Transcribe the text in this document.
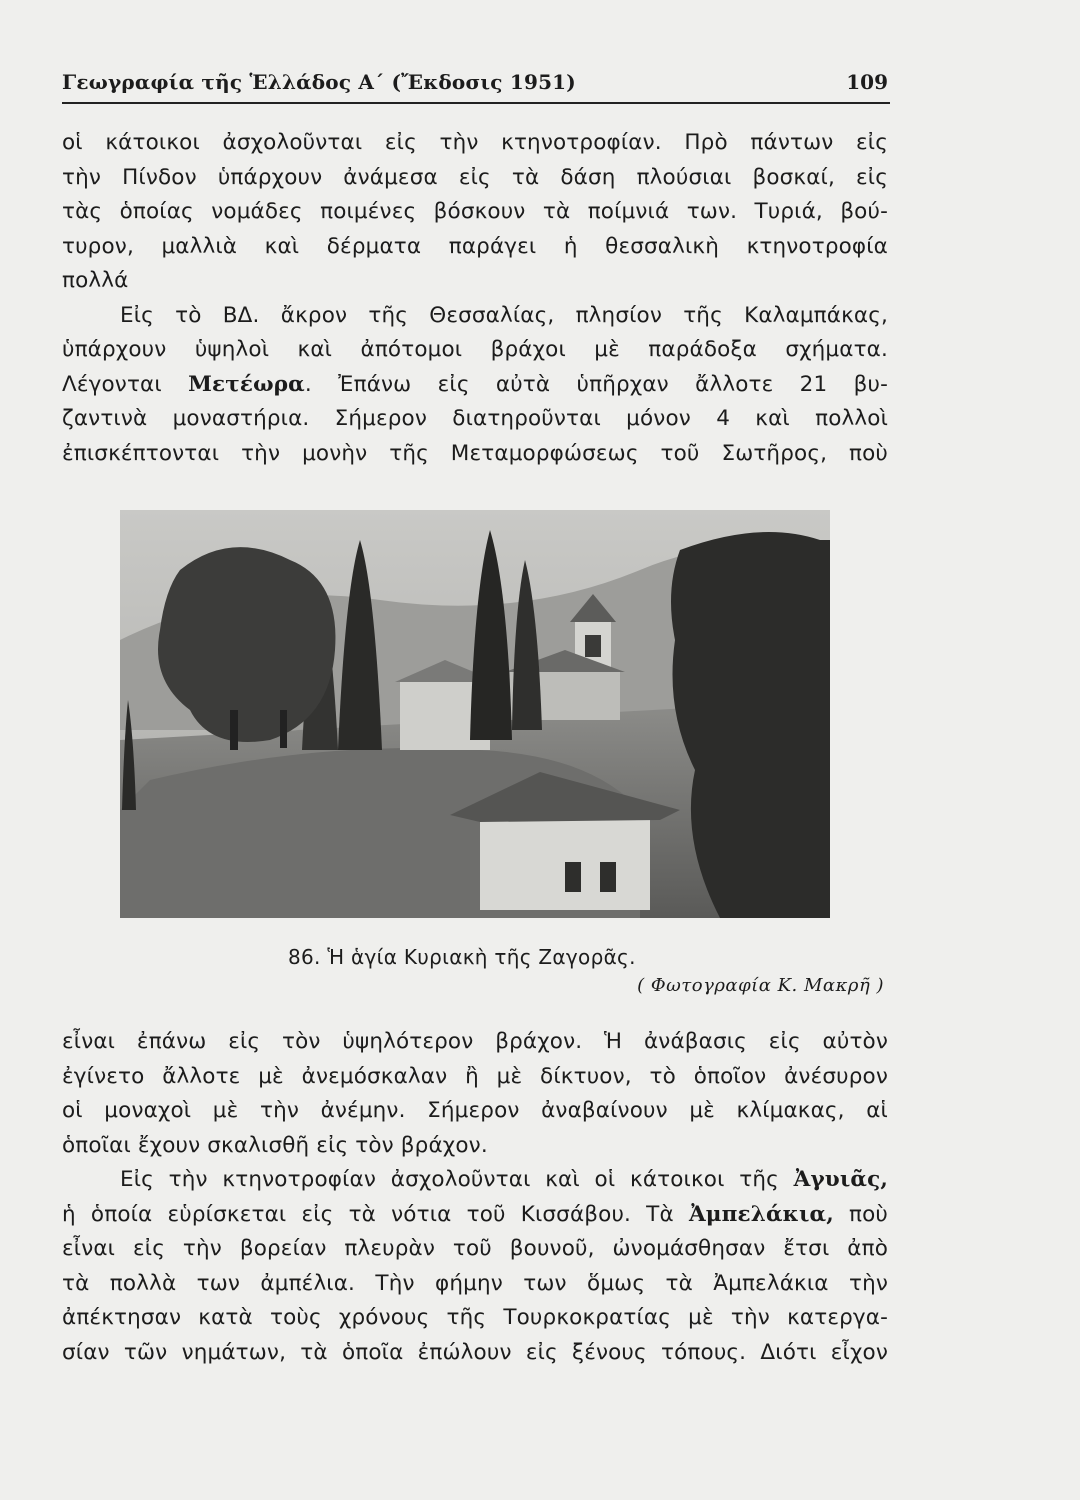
Γεωγραφία τῆς Ἑλλάδος Α΄ (Ἔκδοσις 1951)	109
οἱ κάτοικοι ἀσχολοῦνται εἰς τὴν κτηνοτροφίαν. Πρὸ πάντων εἰς
τὴν Πίνδον ὑπάρχουν ἀνάμεσα εἰς τὰ δάση πλούσιαι βοσκαί, εἰς
τὰς ὁποίας νομάδες ποιμένες βόσκουν τὰ ποίμνιά των. Τυριά, βού-
τυρον, μαλλιὰ καὶ δέρματα παράγει ἡ θεσσαλικὴ κτηνοτροφία
πολλά
Εἰς τὸ ΒΔ. ἄκρον τῆς Θεσσαλίας, πλησίον τῆς Καλαμπάκας,
ὑπάρχουν ὑψηλοὶ καὶ ἀπότομοι βράχοι μὲ παράδοξα σχήματα.
Λέγονται Μετέωρα. Ἐπάνω εἰς αὐτὰ ὑπῆρχαν ἄλλοτε 21 βυ-
ζαντινὰ μοναστήρια. Σήμερον διατηροῦνται μόνον 4 καὶ πολλοὶ
ἐπισκέπτονται τὴν μονὴν τῆς Μεταμορφώσεως τοῦ Σωτῆρος, ποὺ
86. Ἡ ἁγία Κυριακὴ τῆς Ζαγορᾶς.
( Φωτογραφία Κ. Μακρῆ )
εἶναι ἐπάνω εἰς τὸν ὑψηλότερον βράχον. Ἡ ἀνάβασις εἰς αὐτὸν
ἐγίνετο ἄλλοτε μὲ ἀνεμόσκαλαν ἢ μὲ δίκτυον, τὸ ὁποῖον ἀνέσυρον
οἱ μοναχοὶ μὲ τὴν ἀνέμην. Σήμερον ἀναβαίνουν μὲ κλίμακας, αἱ
ὁποῖαι ἔχουν σκαλισθῆ εἰς τὸν βράχον.
Εἰς τὴν κτηνοτροφίαν ἀσχολοῦνται καὶ οἱ κάτοικοι τῆς Ἀγυιᾶς,
ἡ ὁποία εὑρίσκεται εἰς τὰ νότια τοῦ Κισσάβου. Τὰ Ἀμπελάκια, ποὺ
εἶναι εἰς τὴν βορείαν πλευρὰν τοῦ βουνοῦ, ὠνομάσθησαν ἔτσι ἀπὸ
τὰ πολλὰ των ἀμπέλια. Τὴν φήμην των ὅμως τὰ Ἀμπελάκια τὴν
ἀπέκτησαν κατὰ τοὺς χρόνους τῆς Τουρκοκρατίας μὲ τὴν κατεργα-
σίαν τῶν νημάτων, τὰ ὁποῖα ἐπώλουν εἰς ξένους τόπους. Διότι εἶχον
